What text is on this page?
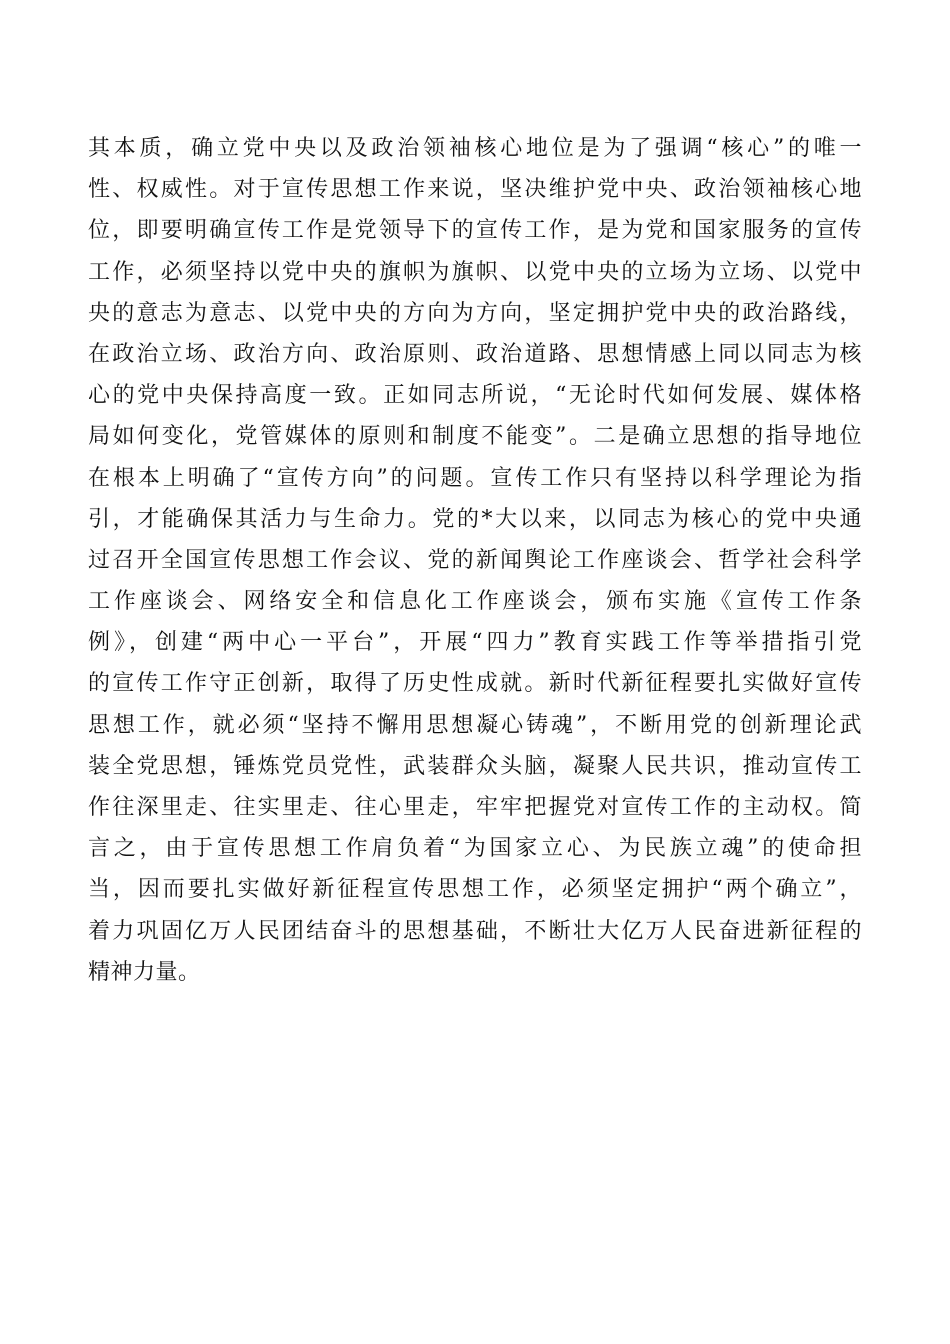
其本质，确立党中央以及政治领袖核心地位是为了强调“核心”的唯一
性、权威性。对于宣传思想工作来说，坚决维护党中央、政治领袖核心地
位，即要明确宣传工作是党领导下的宣传工作，是为党和国家服务的宣传
工作，必须坚持以党中央的旗帜为旗帜、以党中央的立场为立场、以党中
央的意志为意志、以党中央的方向为方向，坚定拥护党中央的政治路线，
在政治立场、政治方向、政治原则、政治道路、思想情感上同以同志为核
心的党中央保持高度一致。正如同志所说，“无论时代如何发展、媒体格
局如何变化，党管媒体的原则和制度不能变”。二是确立思想的指导地位
在根本上明确了“宣传方向”的问题。宣传工作只有坚持以科学理论为指
引，才能确保其活力与生命力。党的*大以来，以同志为核心的党中央通
过召开全国宣传思想工作会议、党的新闻舆论工作座谈会、哲学社会科学
工作座谈会、网络安全和信息化工作座谈会，颁布实施《宣传工作条
例》，创建“两中心一平台”，开展“四力”教育实践工作等举措指引党
的宣传工作守正创新，取得了历史性成就。新时代新征程要扎实做好宣传
思想工作，就必须“坚持不懈用思想凝心铸魂”，不断用党的创新理论武
装全党思想，锤炼党员党性，武装群众头脑，凝聚人民共识，推动宣传工
作往深里走、往实里走、往心里走，牢牢把握党对宣传工作的主动权。简
言之，由于宣传思想工作肩负着“为国家立心、为民族立魂”的使命担
当，因而要扎实做好新征程宣传思想工作，必须坚定拥护“两个确立”，
着力巩固亿万人民团结奋斗的思想基础，不断壮大亿万人民奋进新征程的
精神力量。
